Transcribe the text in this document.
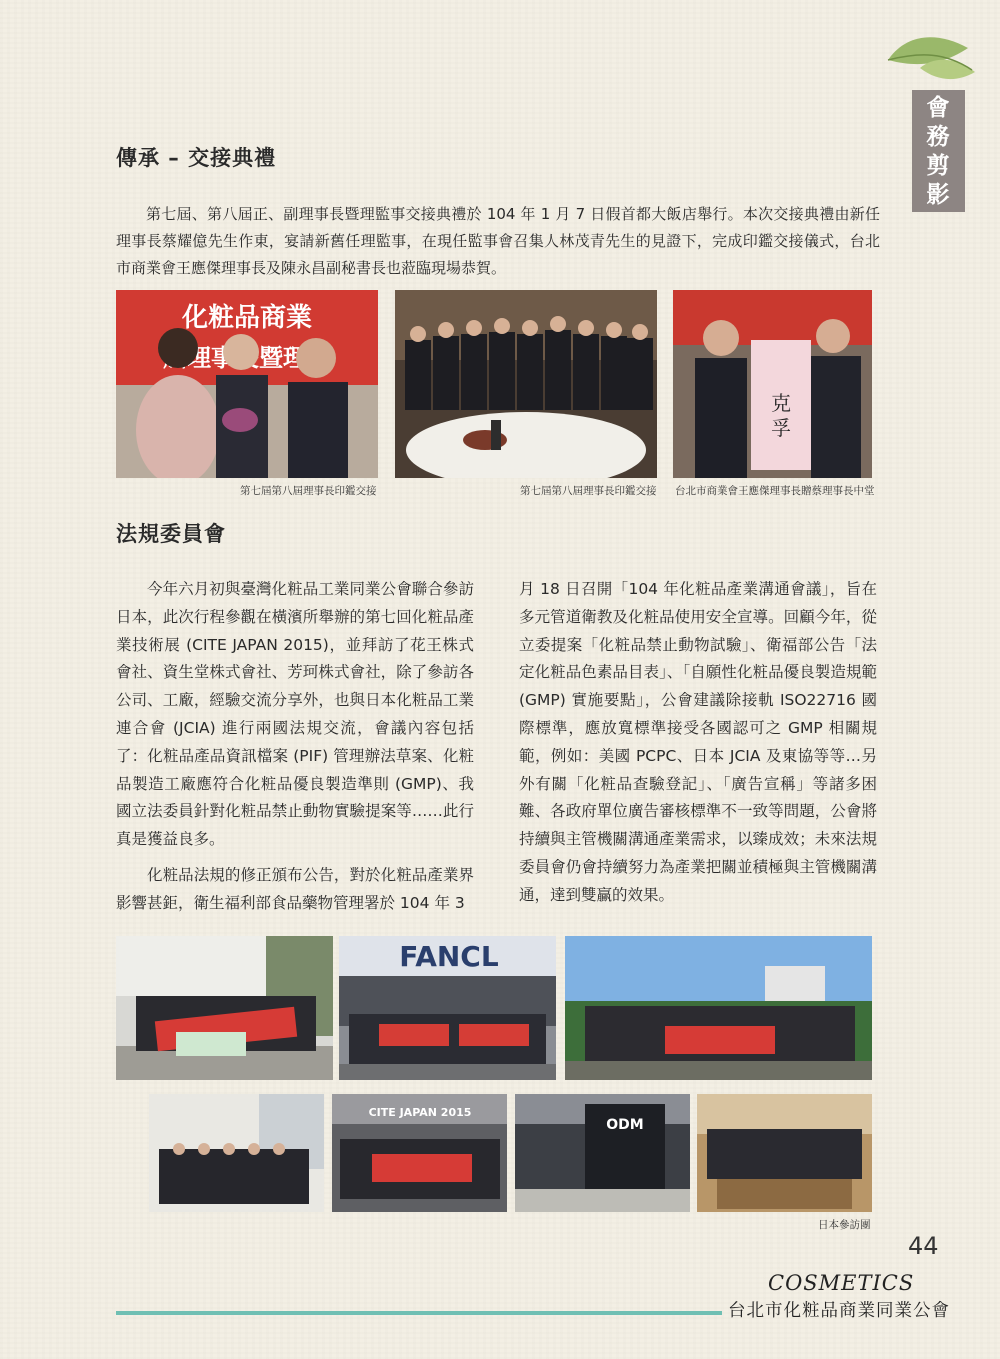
會
務
剪
影
傳承 – 交接典禮

第七屆、第八屆正、副理事長暨理監事交接典禮於 104 年 1 月 7 日假首都大飯店舉行。本次交接典禮由新任理事長蔡耀億先生作東，宴請新舊任理監事，在現任監事會召集人林茂青先生的見證下，完成印鑑交接儀式，台北市商業會王應傑理事長及陳永昌副秘書長也蒞臨現場恭賀。

化粧品商業
第七屆第八屆理事長印鑑交接	第七屆第八屆理事長印鑑交接
克
孚
台北市商業會王應傑理事長贈蔡理事長中堂
法規委員會

今年六月初與臺灣化粧品工業同業公會聯合參訪日本，此次行程參觀在橫濱所舉辦的第七回化粧品產業技術展 (CITE JAPAN 2015)，並拜訪了花王株式會社、資生堂株式會社、芳珂株式會社，除了參訪各公司、工廠，經驗交流分享外，也與日本化粧品工業連合會 (JCIA) 進行兩國法規交流，會議內容包括了：化粧品產品資訊檔案 (PIF) 管理辦法草案、化粧品製造工廠應符合化粧品優良製造準則 (GMP)、我國立法委員針對化粧品禁止動物實驗提案等……此行真是獲益良多。

化粧品法規的修正頒布公告，對於化粧品產業界影響甚鉅，衛生福利部食品藥物管理署於 104 年 3

月 18 日召開「104 年化粧品產業溝通會議」，旨在多元管道衛教及化粧品使用安全宣導。回顧今年，從立委提案「化粧品禁止動物試驗」、衛福部公告「法定化粧品色素品目表」、「自願性化粧品優良製造規範 (GMP) 實施要點」，公會建議除接軌 ISO22716 國際標準，應放寬標準接受各國認可之 GMP 相關規範，例如：美國 PCPC、日本 JCIA 及東協等等…另外有關「化粧品查驗登記」、「廣告宣稱」等諸多困難、各政府單位廣告審核標準不一致等問題，公會將持續與主管機關溝通產業需求，以臻成效；未來法規委員會仍會持續努力為產業把關並積極與主管機關溝通，達到雙贏的效果。

FANCL
CITE JAPAN 2015
ODM
日本參訪團
44
COSMETICS
台北市化粧品商業同業公會
